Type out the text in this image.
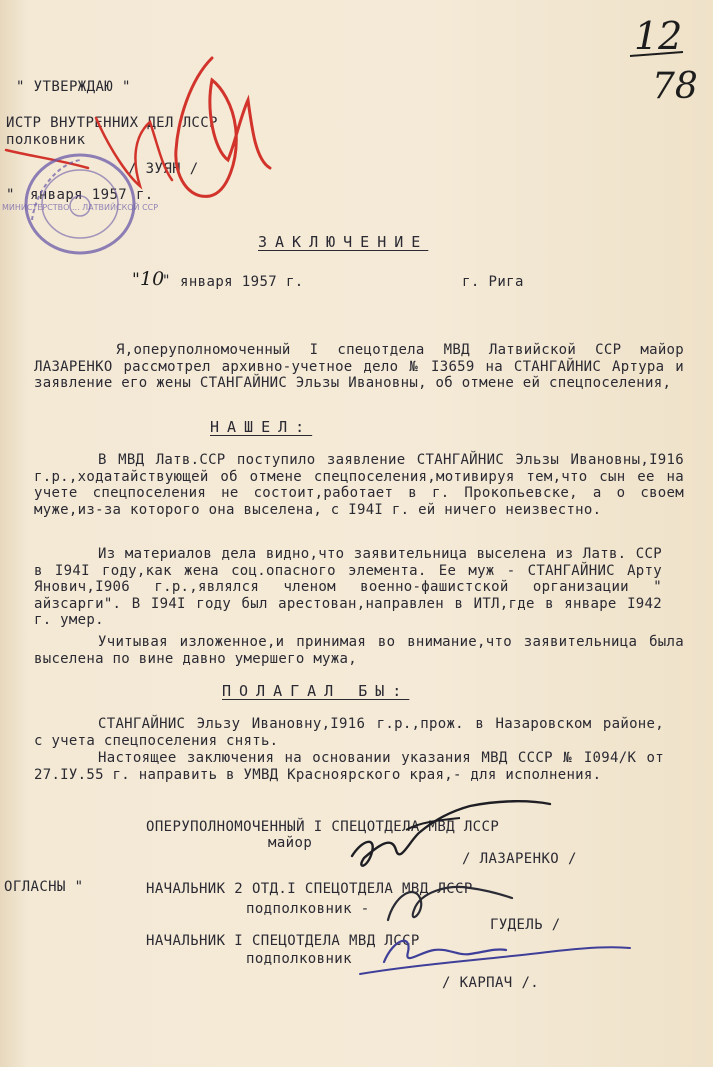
12
78
" УТВЕРЖДАЮ "
ИСТР ВНУТРЕННИХ ДЕЛ ЛССР
полковник
/ ЗУЯН /
" января 1957 г.
МИНИСТЕРСТВО ... ЛАТВИЙСКОЙ ССР
ЗАКЛЮЧЕНИЕ
" 10
" января 1957 г.	г. Рига
Я,оперуполномоченный I спецотдела МВД Латвийской ССР майор ЛАЗАРЕНКО рассмотрел архивно-учетное дело № I3659 на СТАНГАЙНИС Артура и заявление его жены СТАНГАЙНИС Эльзы Ивановны, об отмене ей спецпоселения,
НАШЕЛ:
В МВД Латв.ССР поступило заявление СТАНГАЙНИС Эльзы Ивановны,I916 г.р.,ходатайствующей об отмене спецпоселения,мотивируя тем,что сын ее на учете спецпоселения не состоит,работает в г. Прокопьевске, а о своем муже,из-за которого она выселена, с I94I г. ей ничего неизвестно.
Из материалов дела видно,что заявительница выселена из Латв. ССР в I94I году,как жена соц.опасного элемента. Ее муж - СТАНГАЙНИС Арту Янович,I906 г.р.,являлся членом военно-фашистской организации " айзсарги". В I94I году был арестован,направлен в ИТЛ,где в январе I942 г. умер.
Учитывая изложенное,и принимая во внимание,что заявительница была выселена по вине давно умершего мужа,
ПОЛАГАЛ БЫ:
СТАНГАЙНИС Эльзу Ивановну,I916 г.р.,прож. в Назаровском районе, с учета спецпоселения снять.
Настоящее заключения на основании указания МВД СССР № I094/К от 27.IУ.55 г. направить в УМВД Красноярского края,- для исполнения.
ОПЕРУПОЛНОМОЧЕННЫЙ I СПЕЦОТДЕЛА МВД ЛССР
майор
/ ЛАЗАРЕНКО /
ОГЛАСНЫ "	НАЧАЛЬНИК 2 ОТД.I СПЕЦОТДЕЛА МВД ЛССР
подполковник -
ГУДЕЛЬ /
НАЧАЛЬНИК I СПЕЦОТДЕЛА МВД ЛССР
подполковник
/ КАРПАЧ /.
